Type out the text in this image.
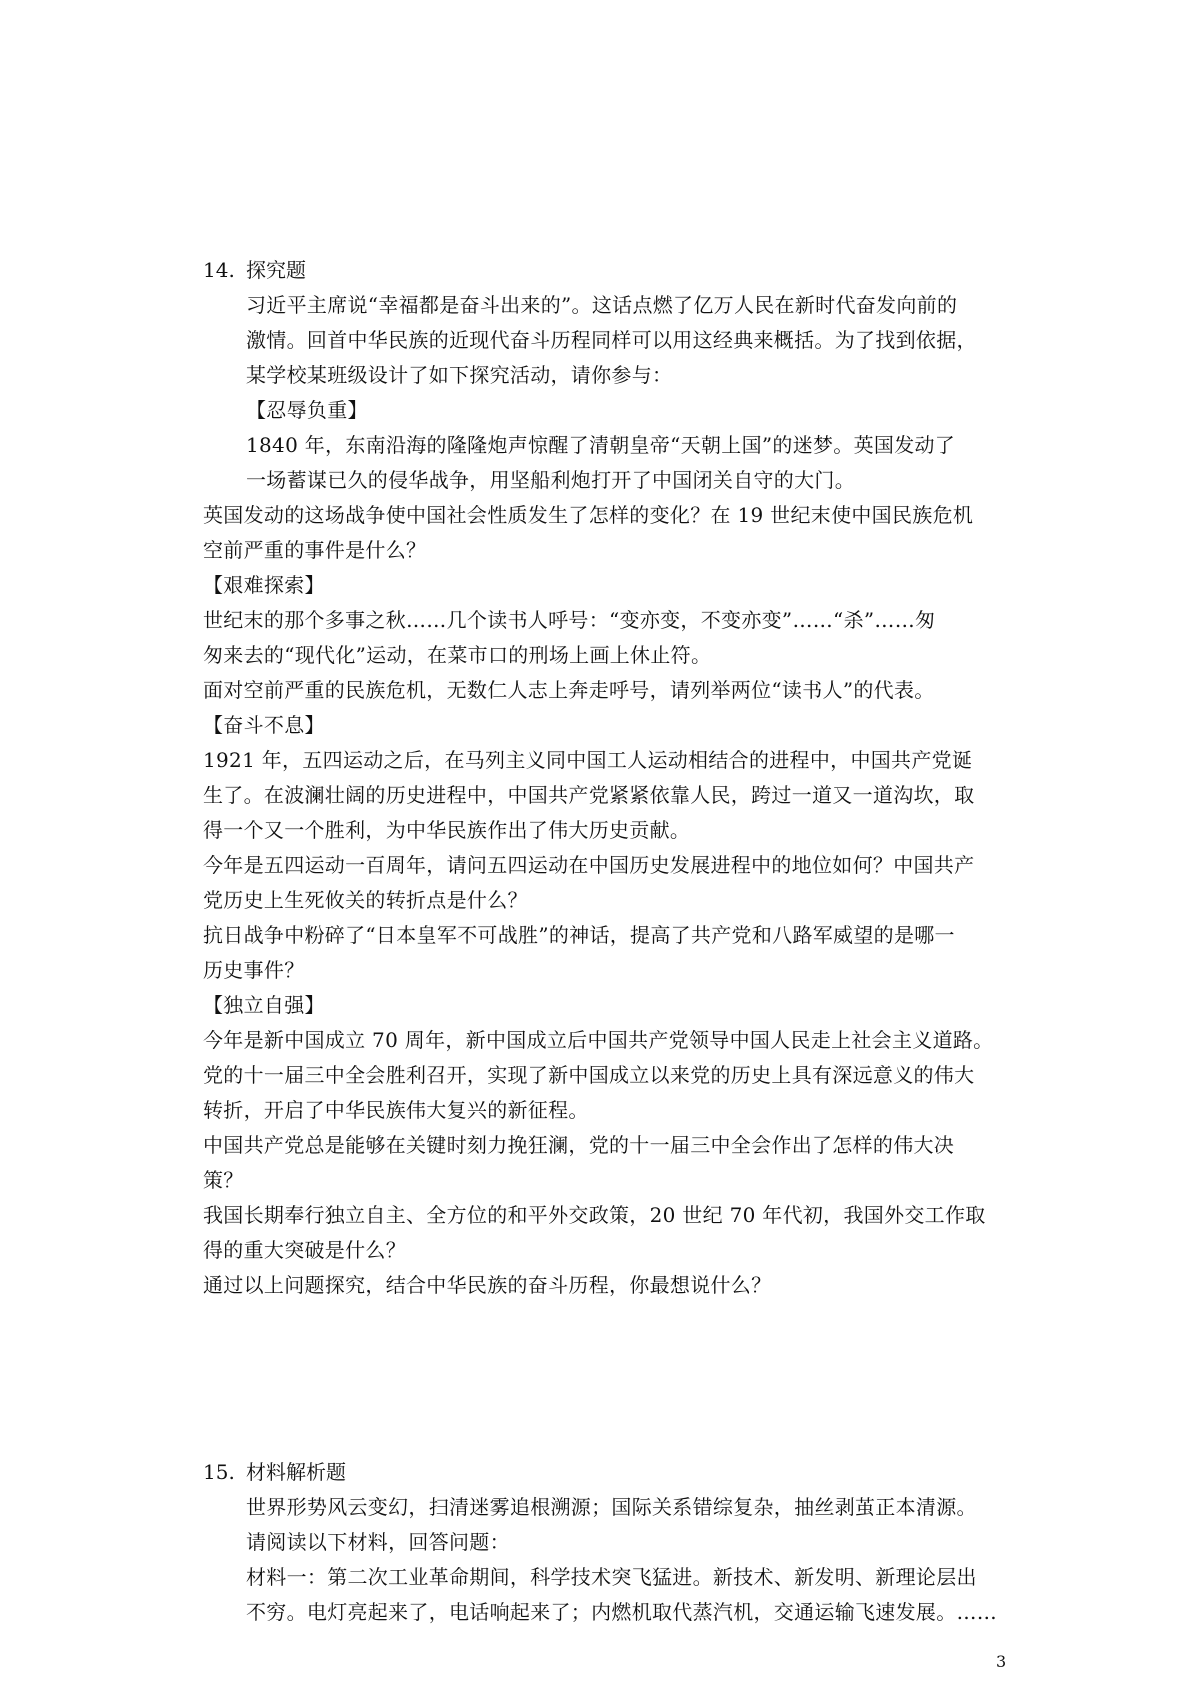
14. 探究题
习近平主席说“幸福都是奋斗出来的”。这话点燃了亿万人民在新时代奋发向前的
激情。回首中华民族的近现代奋斗历程同样可以用这经典来概括。为了找到依据，
某学校某班级设计了如下探究活动，请你参与：
【忍辱负重】
1840 年，东南沿海的隆隆炮声惊醒了清朝皇帝“天朝上国”的迷梦。英国发动了
一场蓄谋已久的侵华战争，用坚船利炮打开了中国闭关自守的大门。
英国发动的这场战争使中国社会性质发生了怎样的变化？在 19 世纪末使中国民族危机
空前严重的事件是什么？
【艰难探索】
世纪末的那个多事之秋……几个读书人呼号：“变亦变，不变亦变”……“杀”……匆
匆来去的“现代化”运动，在菜市口的刑场上画上休止符。
面对空前严重的民族危机，无数仁人志上奔走呼号，请列举两位“读书人”的代表。
【奋斗不息】
1921 年，五四运动之后，在马列主义同中国工人运动相结合的进程中，中国共产党诞
生了。在波澜壮阔的历史进程中，中国共产党紧紧依靠人民，跨过一道又一道沟坎，取
得一个又一个胜利，为中华民族作出了伟大历史贡献。
今年是五四运动一百周年，请问五四运动在中国历史发展进程中的地位如何？中国共产
党历史上生死攸关的转折点是什么？
抗日战争中粉碎了“日本皇军不可战胜”的神话，提高了共产党和八路军威望的是哪一
历史事件？
【独立自强】
今年是新中国成立 70 周年，新中国成立后中国共产党领导中国人民走上社会主义道路。
党的十一届三中全会胜利召开，实现了新中国成立以来党的历史上具有深远意义的伟大
转折，开启了中华民族伟大复兴的新征程。
中国共产党总是能够在关键时刻力挽狂澜，党的十一届三中全会作出了怎样的伟大决
策？
我国长期奉行独立自主、全方位的和平外交政策，20 世纪 70 年代初，我国外交工作取
得的重大突破是什么？
通过以上问题探究，结合中华民族的奋斗历程，你最想说什么？
15. 材料解析题
世界形势风云变幻，扫清迷雾追根溯源；国际关系错综复杂，抽丝剥茧正本清源。
请阅读以下材料，回答问题：
材料一：第二次工业革命期间，科学技术突飞猛进。新技术、新发明、新理论层出
不穷。电灯亮起来了，电话响起来了；内燃机取代蒸汽机，交通运输飞速发展。……
3
